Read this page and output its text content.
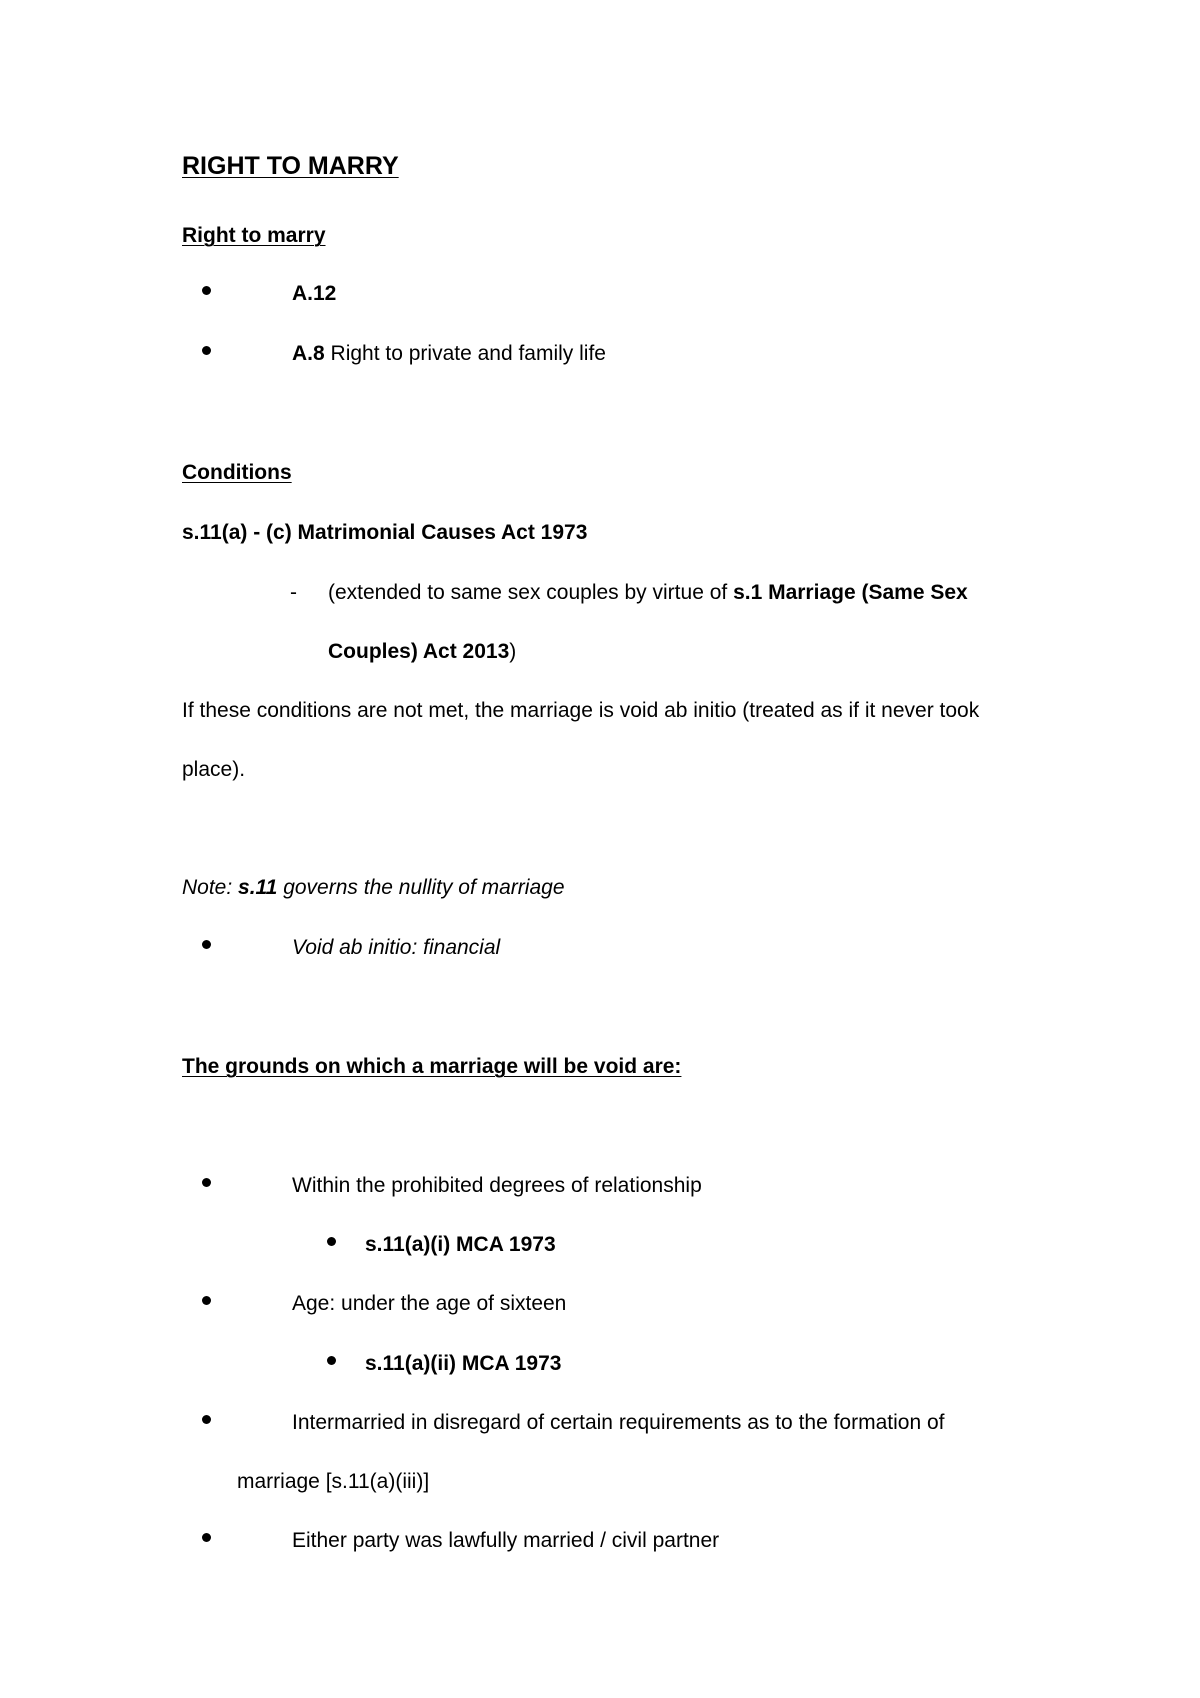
RIGHT TO MARRY
Right to marry
A.12
A.8 Right to private and family life
Conditions
s.11(a) - (c) Matrimonial Causes Act 1973
- (extended to same sex couples by virtue of s.1 Marriage (Same Sex
Couples) Act 2013)
If these conditions are not met, the marriage is void ab initio (treated as if it never took
place).
Note: s.11 governs the nullity of marriage
Void ab initio: financial
The grounds on which a marriage will be void are:
Within the prohibited degrees of relationship
s.11(a)(i) MCA 1973
Age: under the age of sixteen
s.11(a)(ii) MCA 1973
Intermarried in disregard of certain requirements as to the formation of
marriage [s.11(a)(iii)]
Either party was lawfully married / civil partner
